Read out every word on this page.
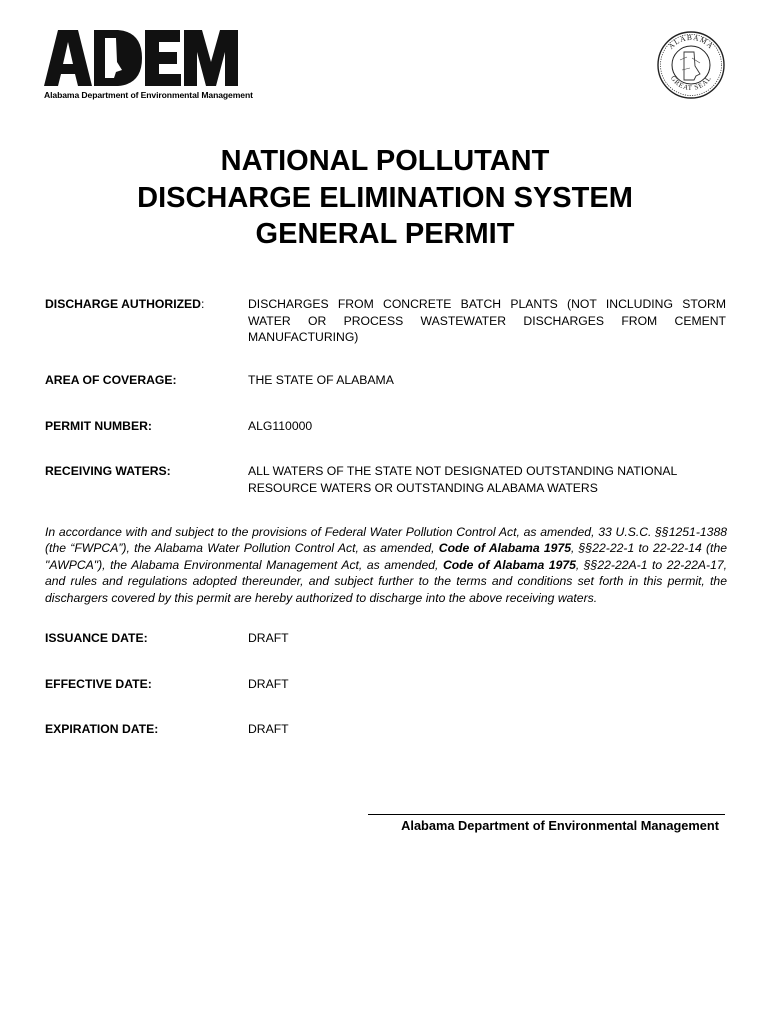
Alabama Department of Environmental Management
ALABAMA
GREAT SEAL
NATIONAL POLLUTANT
DISCHARGE ELIMINATION SYSTEM
GENERAL PERMIT
DISCHARGE AUTHORIZED:	DISCHARGES FROM CONCRETE BATCH PLANTS (NOT INCLUDING STORM WATER OR PROCESS WASTEWATER DISCHARGES FROM CEMENT MANUFACTURING)
AREA OF COVERAGE:	THE STATE OF ALABAMA
PERMIT NUMBER:	ALG110000
RECEIVING WATERS:	ALL WATERS OF THE STATE NOT DESIGNATED OUTSTANDING NATIONAL
RESOURCE WATERS OR OUTSTANDING ALABAMA WATERS
In accordance with and subject to the provisions of Federal Water Pollution Control Act, as amended, 33 U.S.C. §§1251-1388 (the “FWPCA”), the Alabama Water Pollution Control Act, as amended, Code of Alabama 1975, §§22-22-1 to 22-22-14 (the "AWPCA"), the Alabama Environmental Management Act, as amended, Code of Alabama 1975, §§22-22A-1 to 22-22A-17, and rules and regulations adopted thereunder, and subject further to the terms and conditions set forth in this permit, the dischargers covered by this permit are hereby authorized to discharge into the above receiving waters.
ISSUANCE DATE:	DRAFT
EFFECTIVE DATE:	DRAFT
EXPIRATION DATE:	DRAFT
Alabama Department of Environmental Management
